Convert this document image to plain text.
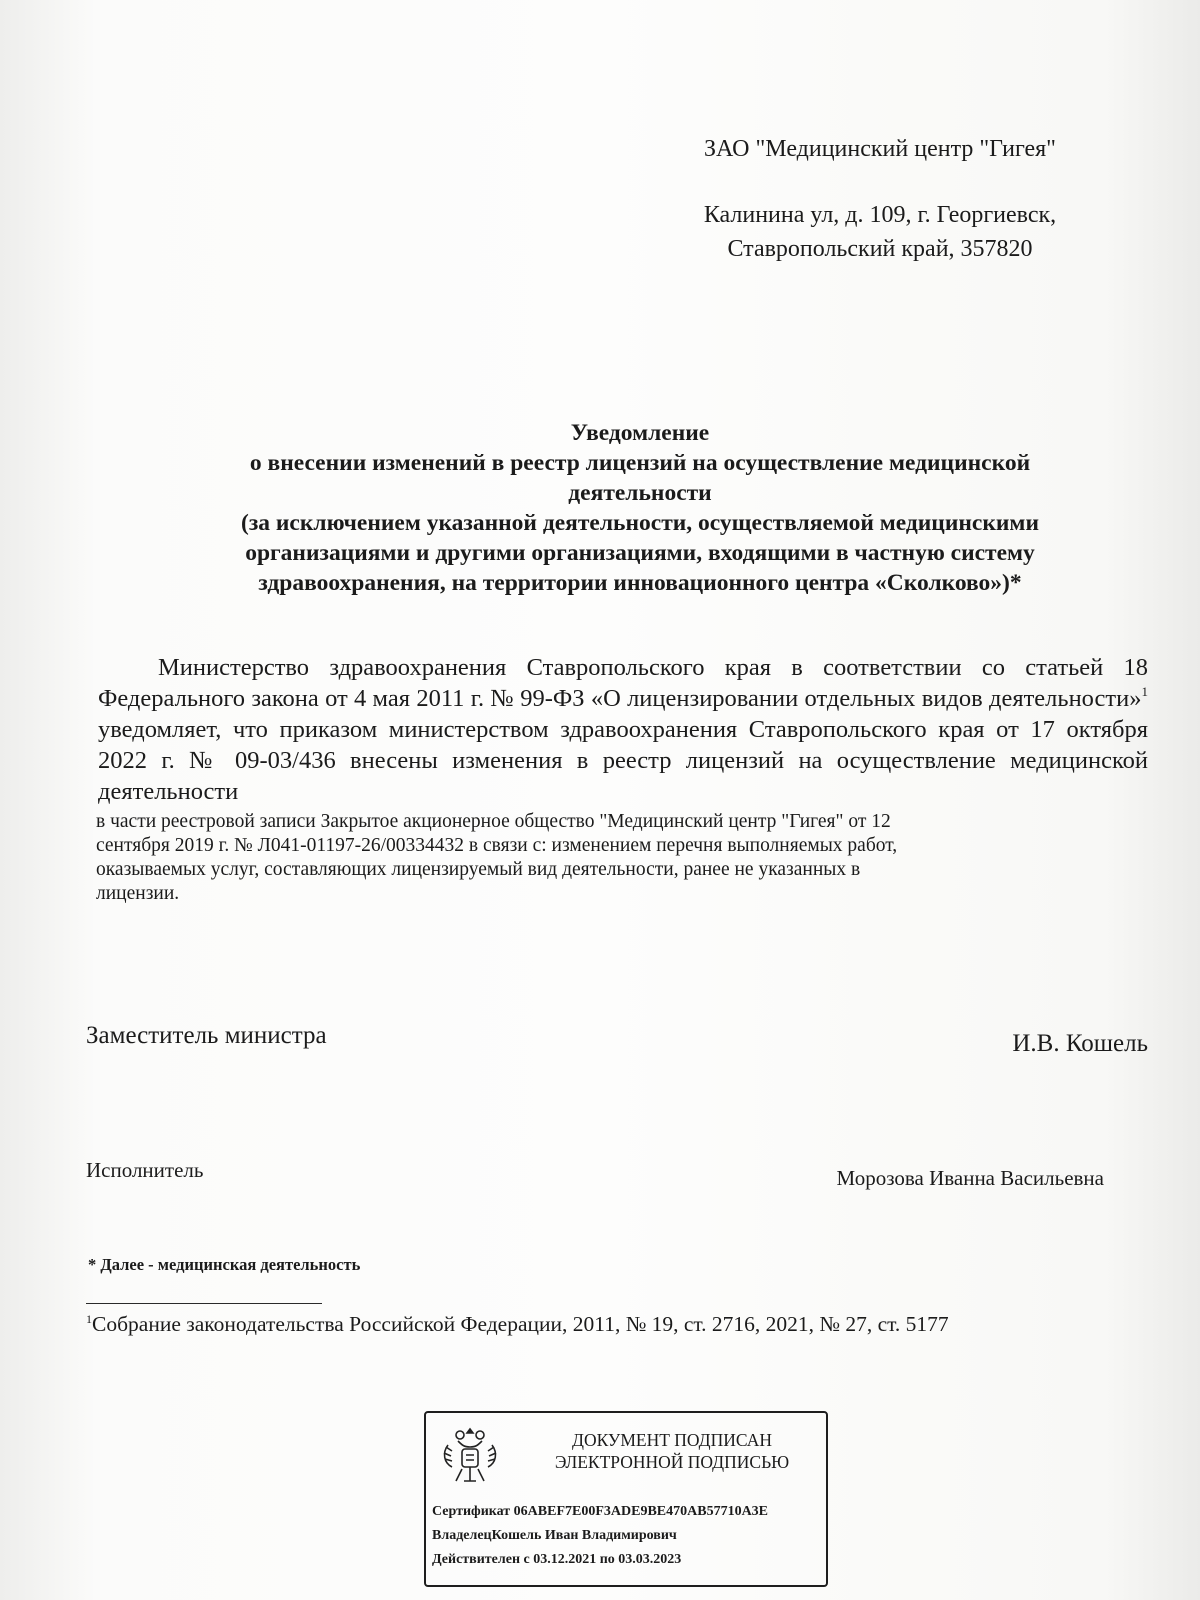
ЗАО "Медицинский центр "Гигея"
Калинина ул, д. 109, г. Георгиевск,
Ставропольский край, 357820
Уведомление
о внесении изменений в реестр лицензий на осуществление медицинской
деятельности
(за исключением указанной деятельности, осуществляемой медицинскими
организациями и другими организациями, входящими в частную систему
здравоохранения, на территории инновационного центра «Сколково»)*

Министерство здравоохранения Ставропольского края в соответствии со статьей 18 Федерального закона от 4 мая 2011 г. № 99-ФЗ «О лицензировании отдельных видов деятельности»$^1$ уведомляет, что приказом министерством здравоохранения Ставропольского края от 17 октября 2022 г. № 09-03/436 внесены изменения в реестр лицензий на осуществление медицинской деятельности

в части реестровой записи Закрытое акционерное общество "Медицинский центр "Гигея" от 12
сентября 2019 г. № Л041-01197-26/00334432 в связи с: изменением перечня выполняемых работ,
оказываемых услуг, составляющих лицензируемый вид деятельности, ранее не указанных в
лицензии.
Заместитель министра	И.В. Кошель
Исполнитель	Морозова Иванна Васильевна
* Далее - медицинская деятельность
$^1$Собрание законодательства Российской Федерации, 2011, № 19, ст. 2716, 2021, № 27, ст. 5177
ДОКУМЕНТ ПОДПИСАН
ЭЛЕКТРОННОЙ ПОДПИСЬЮ
Сертификат 06ABEF7E00F3ADE9BE470AB57710A3E
ВладелецКошель Иван Владимирович
Действителен с 03.12.2021 по 03.03.2023
